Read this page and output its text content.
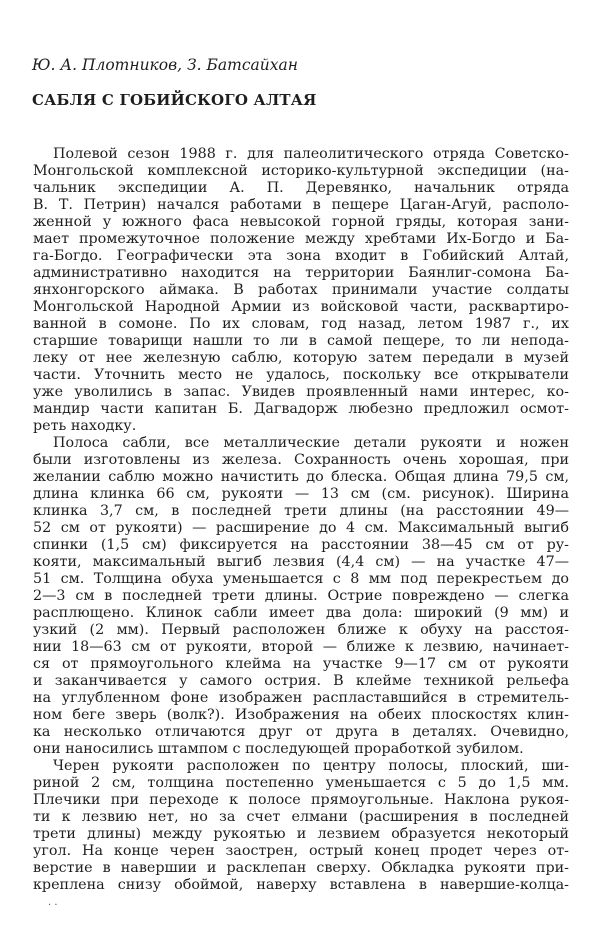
Ю. А. Плотников, З. Батсайхан
САБЛЯ С ГОБИЙСКОГО АЛТАЯ
Полевой сезон 1988 г. для палеолитического отряда Советско-
Монгольской комплексной историко-культурной экспедиции (на-
чальник экспедиции А. П. Деревянко, начальник отряда
В. Т. Петрин) начался работами в пещере Цаган-Агуй, располо-
женной у южного фаса невысокой горной гряды, которая зани-
мает промежуточное положение между хребтами Их-Богдо и Ба-
га-Богдо. Географически эта зона входит в Гобийский Алтай,
административно находится на территории Баянлиг-сомона Ба-
янхонгорского аймака. В работах принимали участие солдаты
Монгольской Народной Армии из войсковой части, расквартиро-
ванной в сомоне. По их словам, год назад, летом 1987 г., их
старшие товарищи нашли то ли в самой пещере, то ли непода-
леку от нее железную саблю, которую затем передали в музей
части. Уточнить место не удалось, поскольку все открыватели
уже уволились в запас. Увидев проявленный нами интерес, ко-
мандир части капитан Б. Дагвадорж любезно предложил осмот-
реть находку.
Полоса сабли, все металлические детали рукояти и ножен
были изготовлены из железа. Сохранность очень хорошая, при
желании саблю можно начистить до блеска. Общая длина 79,5 см,
длина клинка 66 см, рукояти — 13 см (см. рисунок). Ширина
клинка 3,7 см, в последней трети длины (на расстоянии 49—
52 см от рукояти) — расширение до 4 см. Максимальный выгиб
спинки (1,5 см) фиксируется на расстоянии 38—45 см от ру-
кояти, максимальный выгиб лезвия (4,4 см) — на участке 47—
51 см. Толщина обуха уменьшается с 8 мм под перекрестьем до
2—3 см в последней трети длины. Острие повреждено — слегка
расплющено. Клинок сабли имеет два дола: широкий (9 мм) и
узкий (2 мм). Первый расположен ближе к обуху на расстоя-
нии 18—63 см от рукояти, второй — ближе к лезвию, начинает-
ся от прямоугольного клейма на участке 9—17 см от рукояти
и заканчивается у самого острия. В клейме техникой рельефа
на углубленном фоне изображен распластавшийся в стремитель-
ном беге зверь (волк?). Изображения на обеих плоскостях клин-
ка несколько отличаются друг от друга в деталях. Очевидно,
они наносились штампом с последующей проработкой зубилом.
Черен рукояти расположен по центру полосы, плоский, ши-
риной 2 см, толщина постепенно уменьшается с 5 до 1,5 мм.
Плечики при переходе к полосе прямоугольные. Наклона рукоя-
ти к лезвию нет, но за счет елмани (расширения в последней
трети длины) между рукоятью и лезвием образуется некоторый
угол. На конце черен заострен, острый конец продет через от-
верстие в навершии и расклепан сверху. Обкладка рукояти при-
креплена снизу обоймой, наверху вставлена в навершие-колца-
· ·
